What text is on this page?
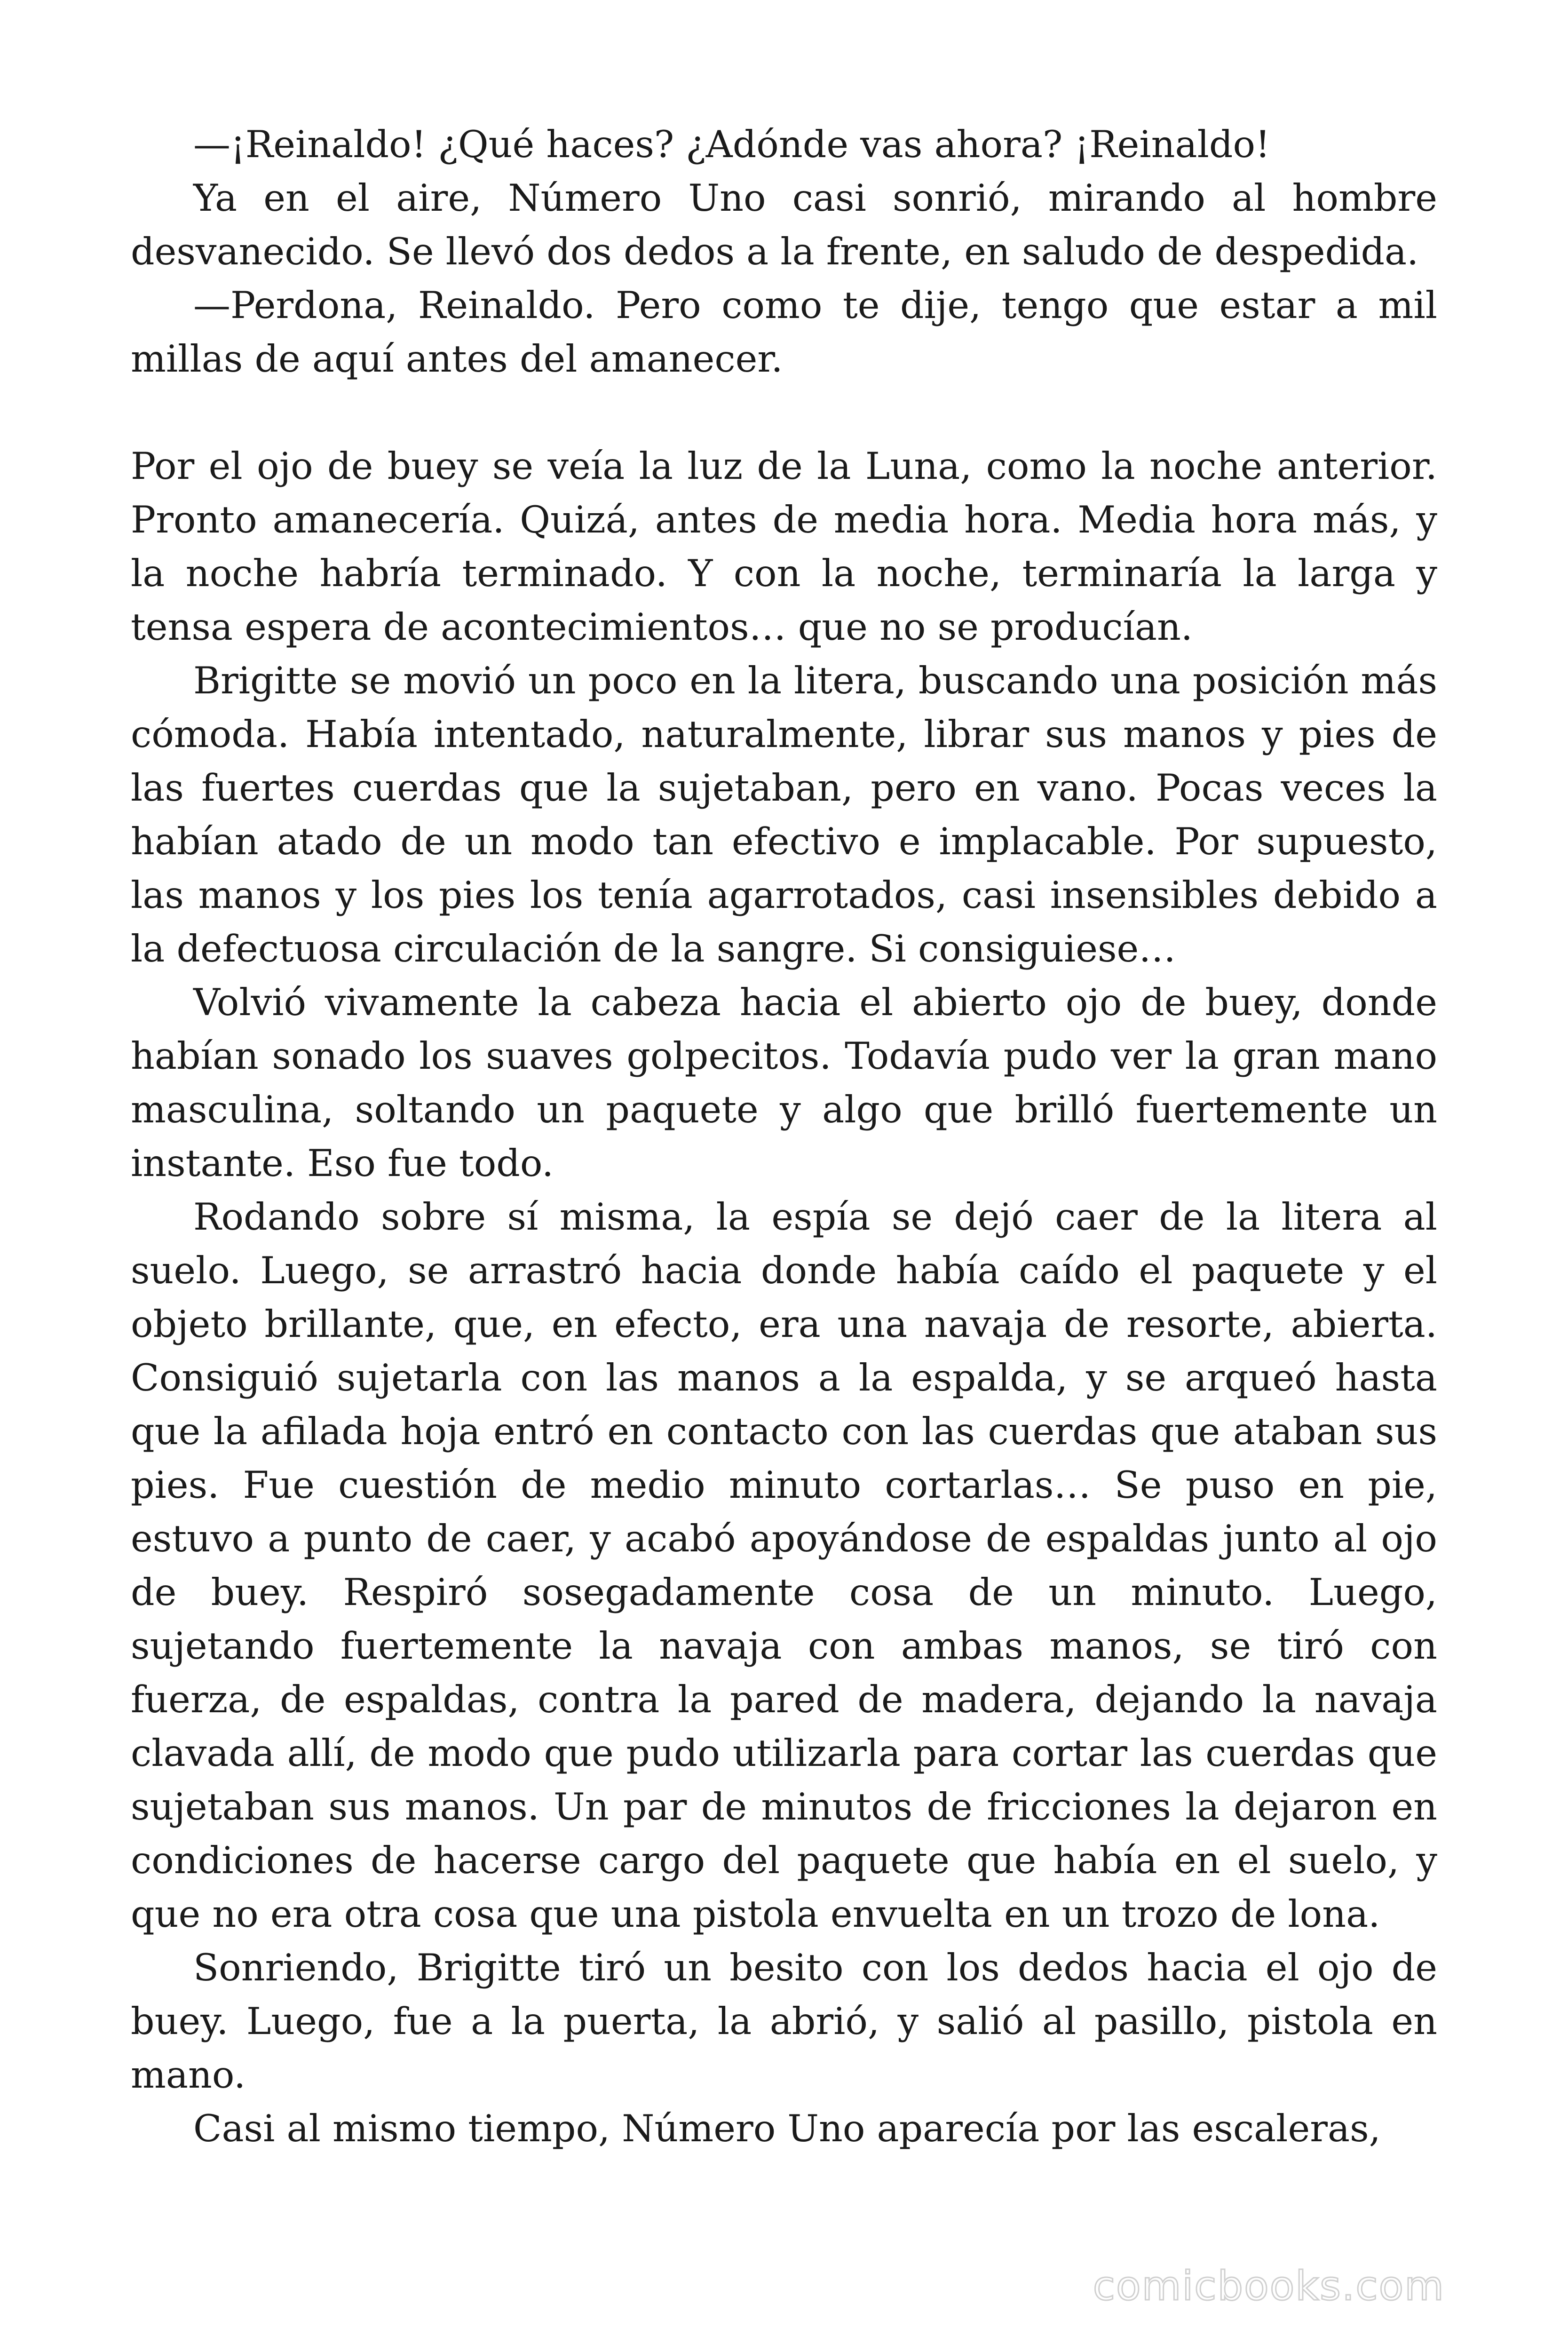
—¡Reinaldo! ¿Qué haces? ¿Adónde vas ahora? ¡Reinaldo!

Ya en el aire, Número Uno casi sonrió, mirando al hombre desvanecido. Se llevó dos dedos a la frente, en saludo de despedida.

—Perdona, Reinaldo. Pero como te dije, tengo que estar a mil millas de aquí antes del amanecer.

Por el ojo de buey se veía la luz de la Luna, como la noche anterior. Pronto amanecería. Quizá, antes de media hora. Media hora más, y la noche habría terminado. Y con la noche, terminaría la larga y tensa espera de acontecimientos… que no se producían.

Brigitte se movió un poco en la litera, buscando una posición más cómoda. Había intentado, naturalmente, librar sus manos y pies de las fuertes cuerdas que la sujetaban, pero en vano. Pocas veces la habían atado de un modo tan efectivo e implacable. Por supuesto, las manos y los pies los tenía agarrotados, casi insensibles debido a la defectuosa circulación de la sangre. Si consiguiese…

Volvió vivamente la cabeza hacia el abierto ojo de buey, donde habían sonado los suaves golpecitos. Todavía pudo ver la gran mano masculina, soltando un paquete y algo que brilló fuertemente un instante. Eso fue todo.

Rodando sobre sí misma, la espía se dejó caer de la litera al suelo. Luego, se arrastró hacia donde había caído el paquete y el objeto brillante, que, en efecto, era una navaja de resorte, abierta. Consiguió sujetarla con las manos a la espalda, y se arqueó hasta que la afilada hoja entró en contacto con las cuerdas que ataban sus pies. Fue cuestión de medio minuto cortarlas… Se puso en pie, estuvo a punto de caer, y acabó apoyándose de espaldas junto al ojo de buey. Respiró sosegadamente cosa de un minuto. Luego, sujetando fuertemente la navaja con ambas manos, se tiró con fuerza, de espaldas, contra la pared de madera, dejando la navaja clavada allí, de modo que pudo utilizarla para cortar las cuerdas que sujetaban sus manos. Un par de minutos de fricciones la dejaron en condiciones de hacerse cargo del paquete que había en el suelo, y que no era otra cosa que una pistola envuelta en un trozo de lona.

Sonriendo, Brigitte tiró un besito con los dedos hacia el ojo de buey. Luego, fue a la puerta, la abrió, y salió al pasillo, pistola en mano.

Casi al mismo tiempo, Número Uno aparecía por las escaleras,

comicbooks.com
